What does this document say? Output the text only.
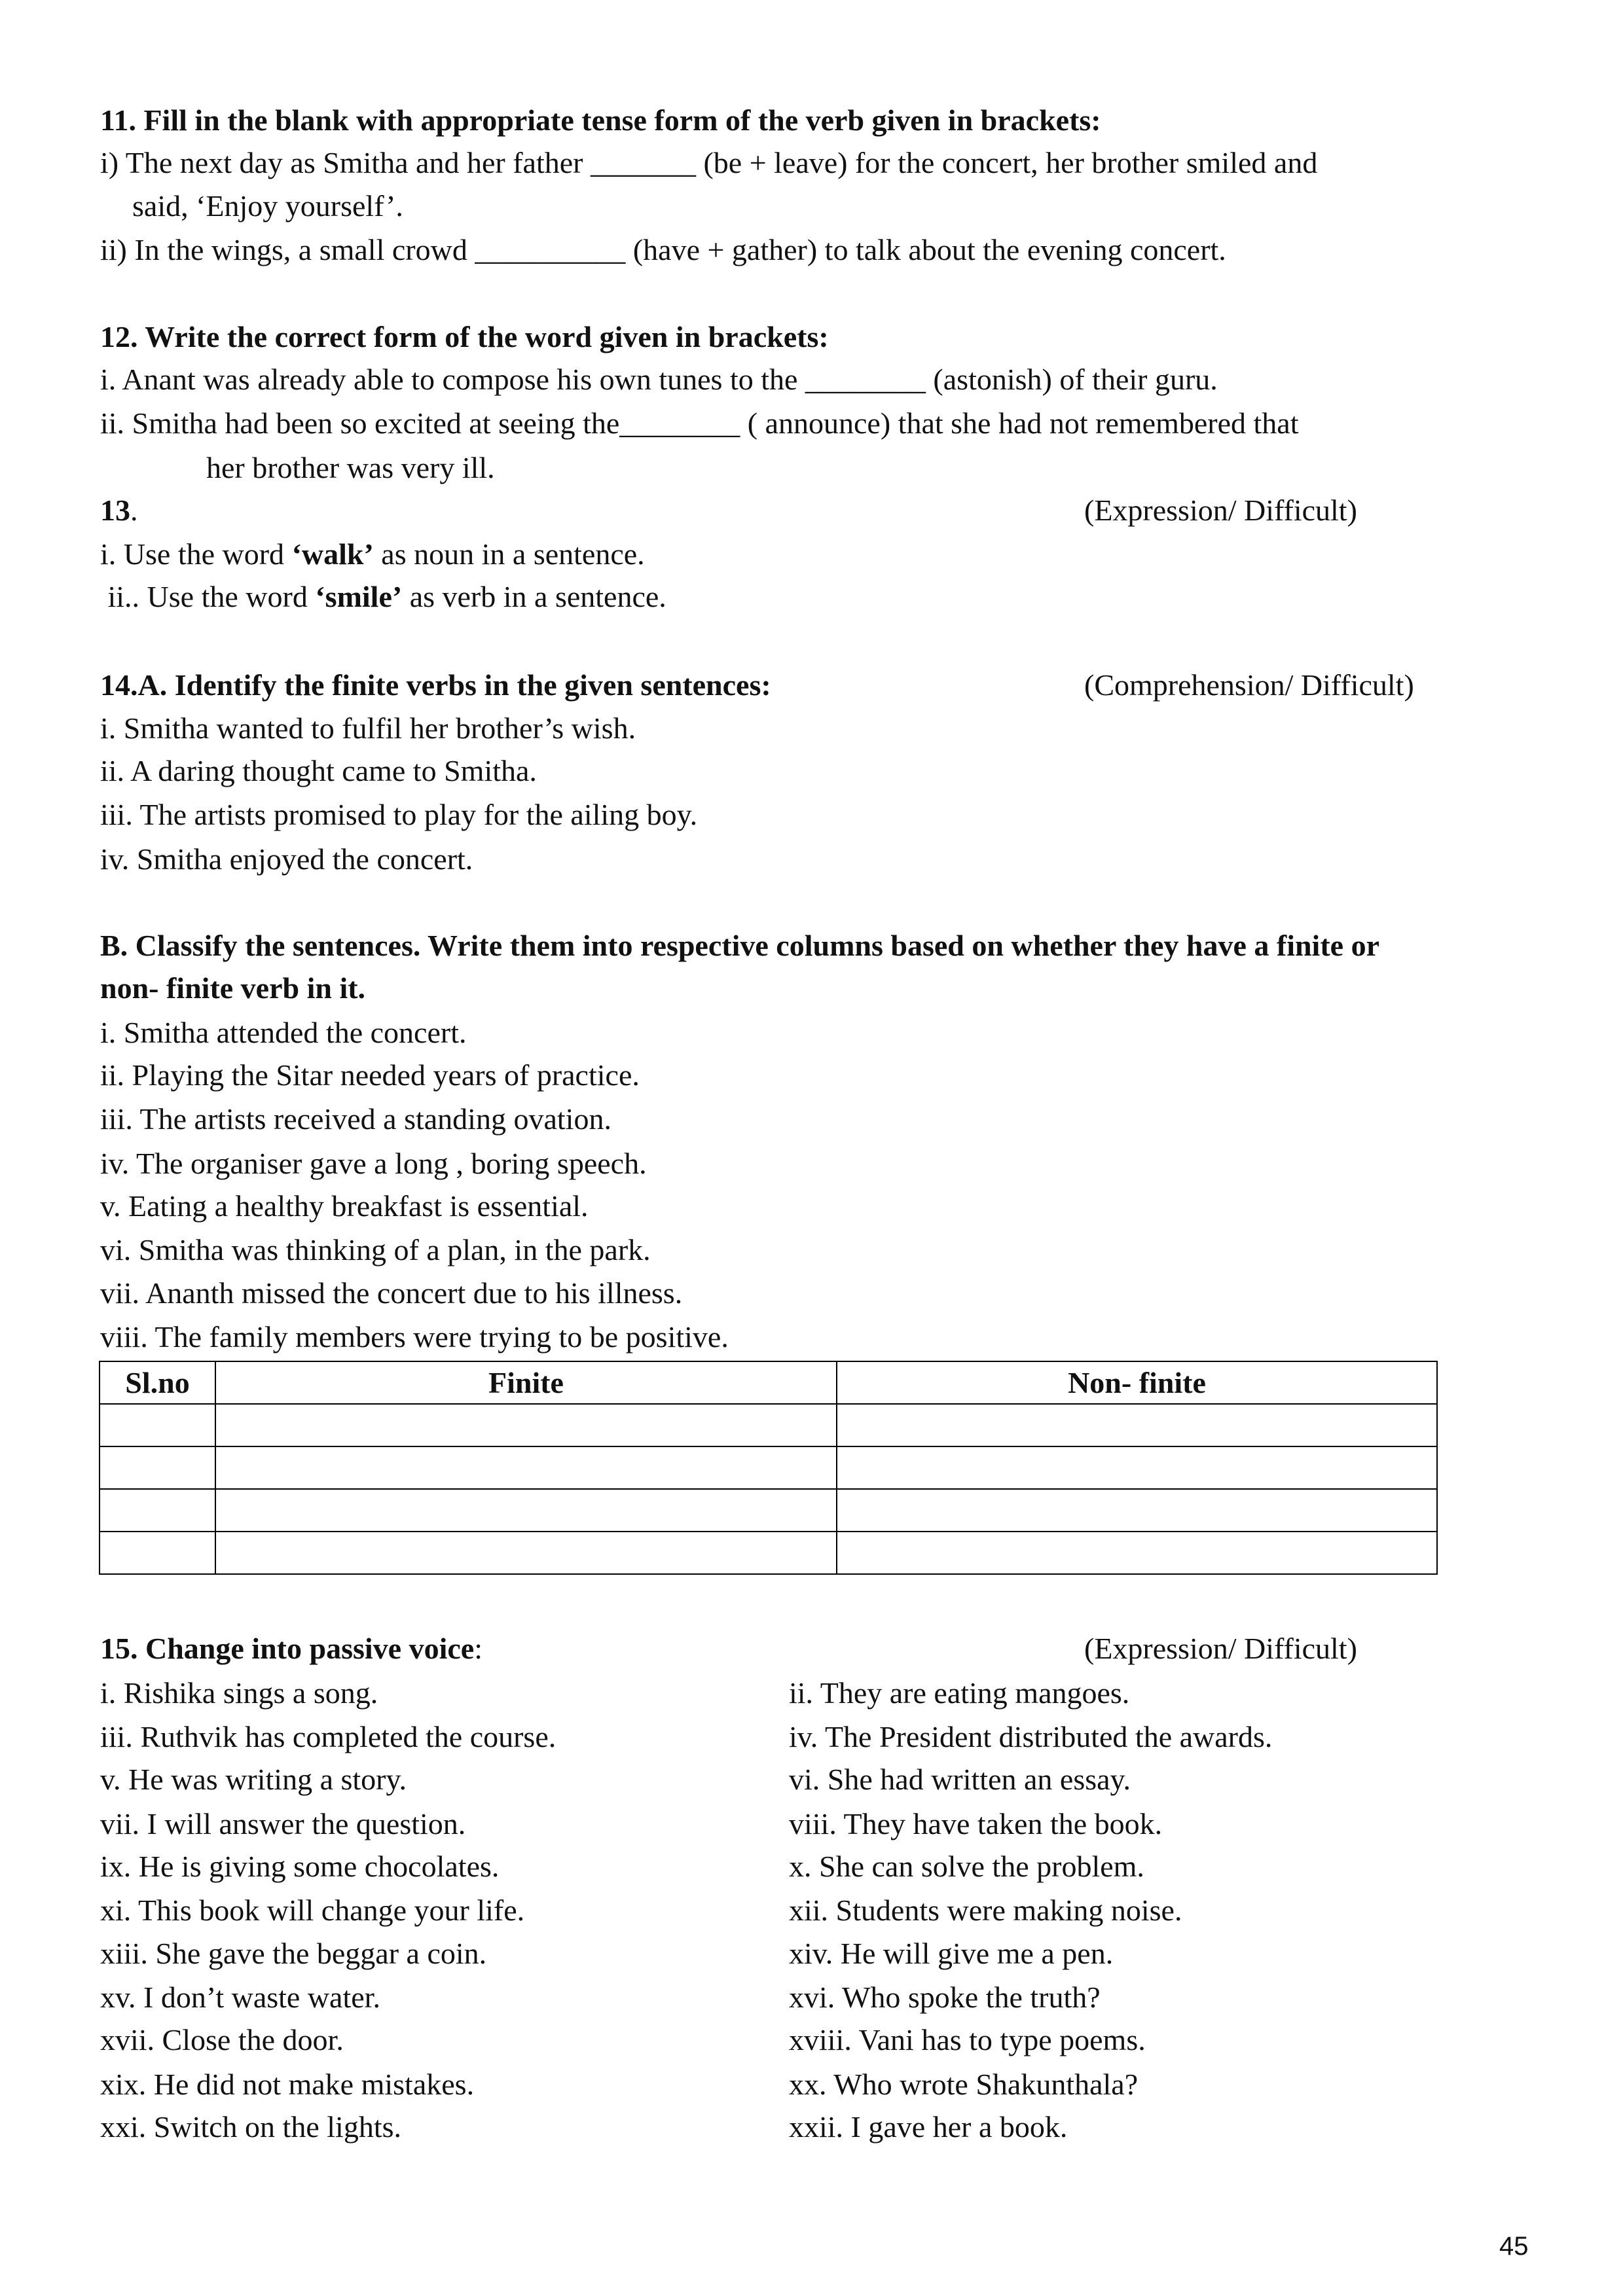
11. Fill in the blank with appropriate tense form of the verb given in brackets:
i) The next day as Smitha and her father _______ (be + leave) for the concert, her brother smiled and
said, ‘Enjoy yourself’.
ii) In the wings, a small crowd __________ (have + gather) to talk about the evening concert.
12. Write the correct form of the word given in brackets:
i. Anant was already able to compose his own tunes to the ________ (astonish) of their guru.
ii. Smitha had been so excited at seeing the________ ( announce) that she had not remembered that
her brother was very ill.
13.	(Expression/ Difficult)
i. Use the word ‘walk’ as noun in a sentence.
ii.. Use the word ‘smile’ as verb in a sentence.
14.A. Identify the finite verbs in the given sentences:	(Comprehension/ Difficult)
i. Smitha wanted to fulfil her brother’s wish.
ii. A daring thought came to Smitha.
iii. The artists promised to play for the ailing boy.
iv. Smitha enjoyed the concert.
B. Classify the sentences. Write them into respective columns based on whether they have a finite or
non- finite verb in it.
i. Smitha attended the concert.
ii. Playing the Sitar needed years of practice.
iii. The artists received a standing ovation.
iv. The organiser gave a long , boring speech.
v. Eating a healthy breakfast is essential.
vi. Smitha was thinking of a plan, in the park.
vii. Ananth missed the concert due to his illness.
viii. The family members were trying to be positive.
Sl.no	Finite	Non- finite

15. Change into passive voice:	(Expression/ Difficult)
i. Rishika sings a song.
iii. Ruthvik has completed the course.
v. He was writing a story.
vii. I will answer the question.
ix. He is giving some chocolates.
xi. This book will change your life.
xiii. She gave the beggar a coin.
xv. I don’t waste water.
xvii. Close the door.
xix. He did not make mistakes.
xxi. Switch on the lights.
ii. They are eating mangoes.
iv. The President distributed the awards.
vi. She had written an essay.
viii. They have taken the book.
x. She can solve the problem.
xii. Students were making noise.
xiv. He will give me a pen.
xvi. Who spoke the truth?
xviii. Vani has to type poems.
xx. Who wrote Shakunthala?
xxii. I gave her a book.
45
